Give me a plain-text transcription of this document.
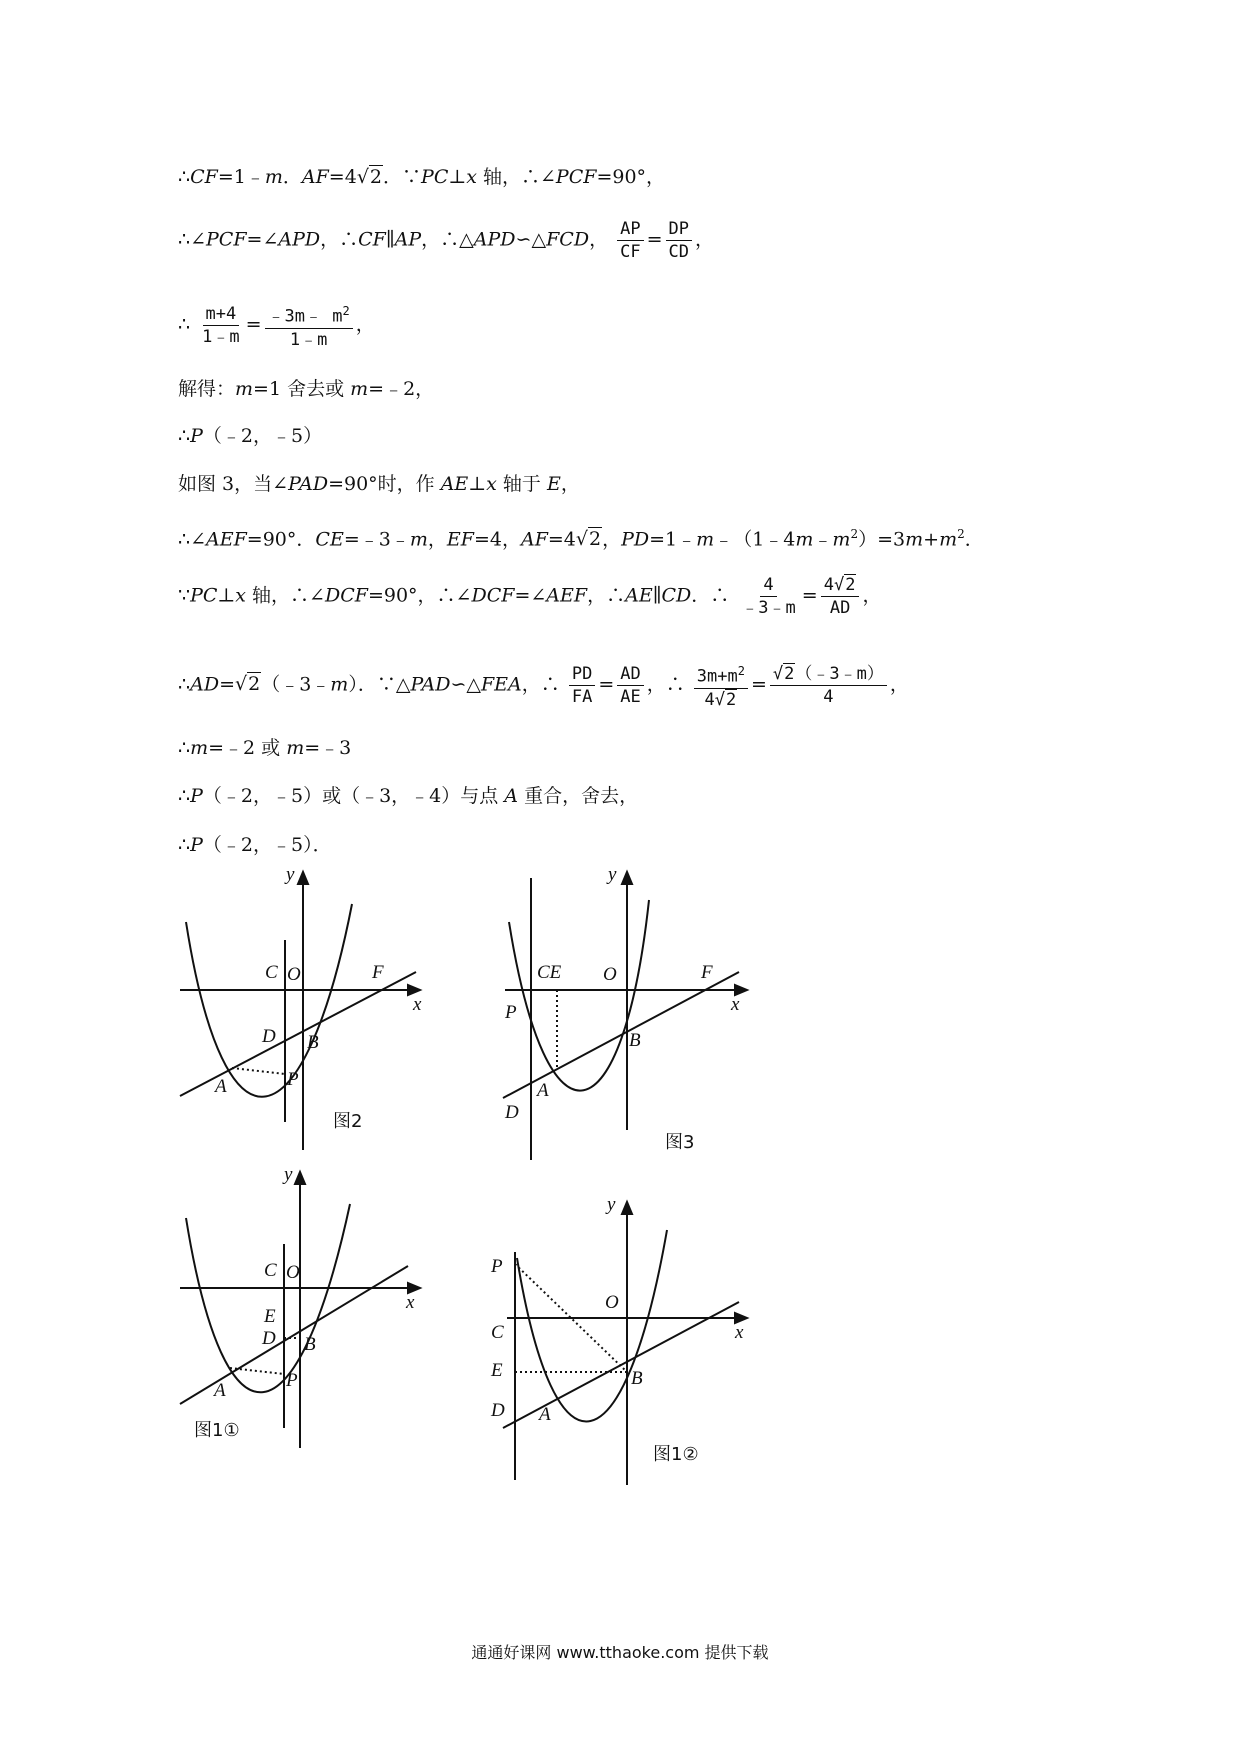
∴CF=1﹣m．AF=4√2．∵PC⊥x 轴，∴∠PCF=90°，
∴∠PCF=∠APD，∴CF∥AP，∴△APD∽△FCD， $\frac{AP}{CF} = \frac{DP}{CD}$ ，
∴ $\frac{m+4}{1﹣m} = \frac{﹣3m﹣ m^2}{1﹣m}$ ，
解得：m=1 舍去或 m=﹣2，
∴P（﹣2，﹣5）
如图 3，当∠PAD=90°时，作 AE⊥x 轴于 E，
∴∠AEF=90°．CE=﹣3﹣m，EF=4，AF=4√2，$PD=1﹣m﹣(1﹣4m﹣m^2)=3m+m^2$．
∵PC⊥x 轴，∴∠DCF=90°，∴∠DCF=∠AEF，∴AE∥CD．∴ $\frac{4}{﹣3﹣m} = \frac{4√2}{AD}$ ，
∴AD=√2（﹣3﹣m）．∵△PAD∽△FEA，∴ $\frac{PD}{FA} = \frac{AD}{AE}$ ，∴ $\frac{3m+m^2}{4√2} = \frac{√2(﹣3﹣m)}{4}$ ，
∴m=﹣2 或 m=﹣3
∴P（﹣2，﹣5）或（﹣3，﹣4）与点 A 重合，舍去，
∴P（﹣2，﹣5）．
y
x
C O	F
D B
A	P
图2
y
x
CE O	F
P
B
A
D
图3
y
x
C O
E
D B
A	P
图1①
y
x
P
O
C
E	B
D A
图1②
通通好课网 www.tthaoke.com 提供下载
